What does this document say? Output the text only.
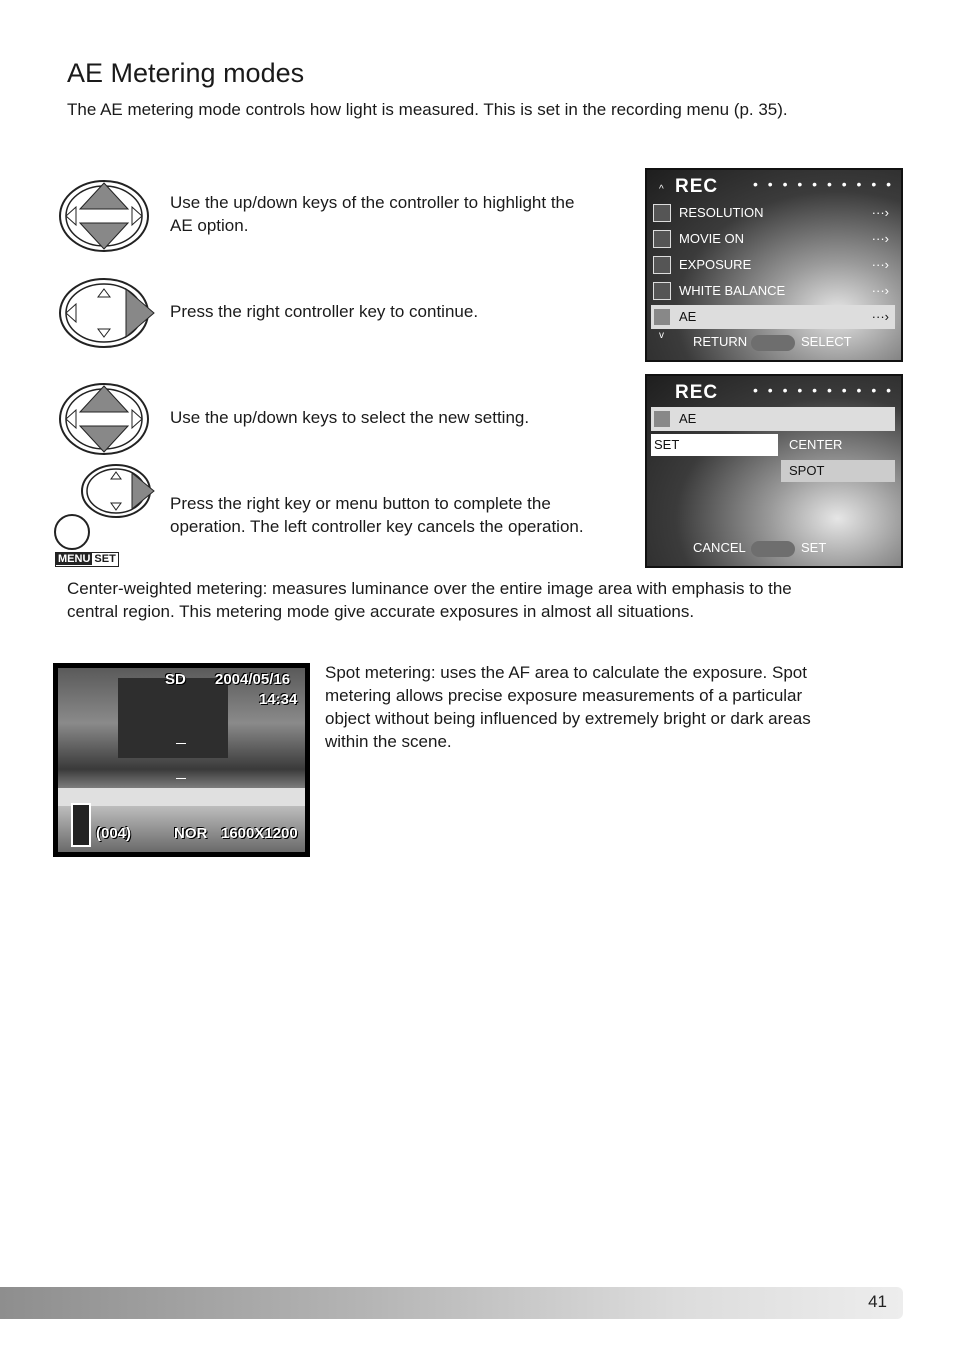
AE Metering modes
The AE metering mode controls how light is measured. This is set in the recording menu (p. 35).
Use the up/down keys of the controller to highlight the
AE option.
Press the right controller key to continue.
Use the up/down keys to select the new setting.
MENU SET
Press the right key or menu button to complete the
operation. The left controller key cancels the operation.
^ REC • • • • • • • • • •
RESOLUTION	···›
MOVIE ON	···›
EXPOSURE	···›
WHITE BALANCE	···›
AE	···›
v RETURN	SELECT
REC • • • • • • • • • •
AE
SET	CENTER
SPOT
CANCEL	SET
Center-weighted metering: measures luminance over the entire image area with emphasis to the
central region. This metering mode give accurate exposures in almost all situations.
SD 2004/05/16
14:34
(004)	NOR 1600X1200
Spot metering: uses the AF area to calculate the exposure. Spot
metering allows precise exposure measurements of a particular
object without being influenced by extremely bright or dark areas
within the scene.
41
